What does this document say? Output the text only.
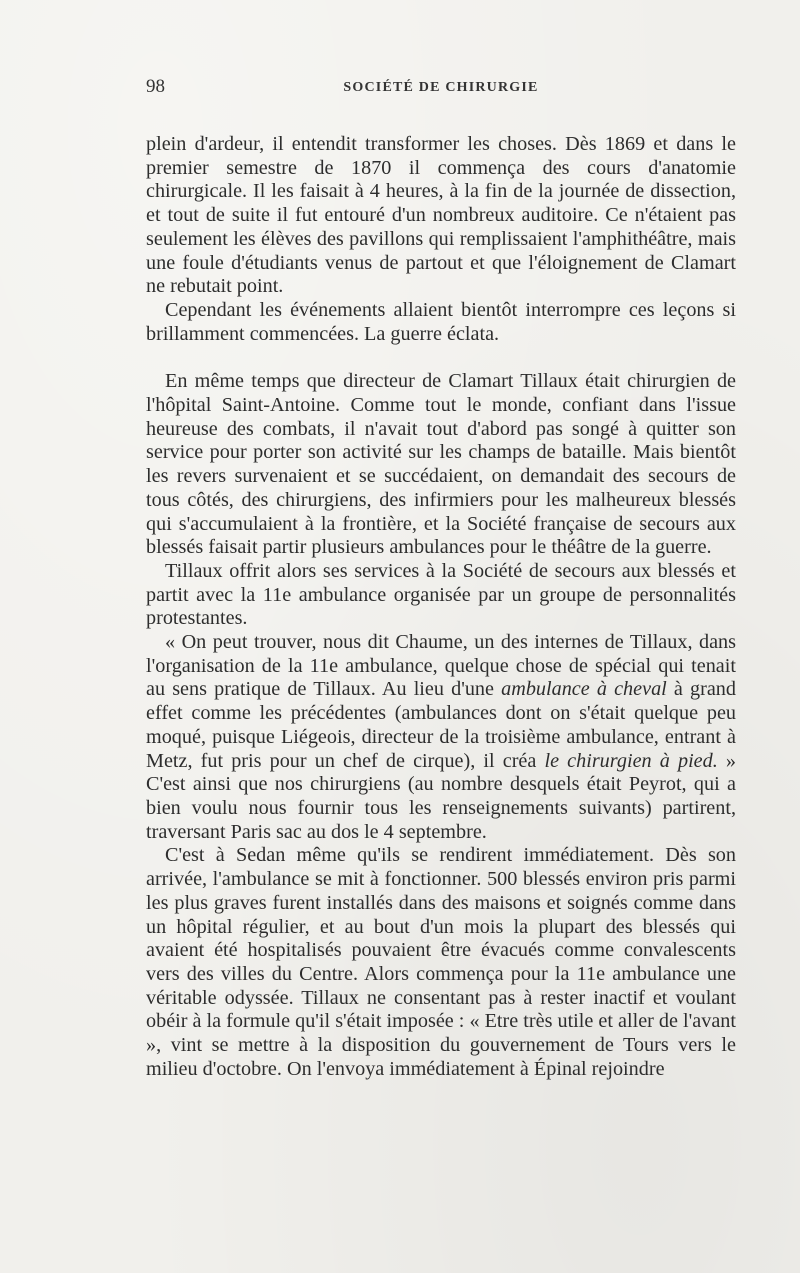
98	SOCIÉTÉ DE CHIRURGIE

plein d'ardeur, il entendit transformer les choses. Dès 1869 et dans le premier semestre de 1870 il commença des cours d'anatomie chirurgicale. Il les faisait à 4 heures, à la fin de la journée de dissection, et tout de suite il fut entouré d'un nombreux auditoire. Ce n'étaient pas seulement les élèves des pavillons qui remplissaient l'amphithéâtre, mais une foule d'étudiants venus de partout et que l'éloignement de Clamart ne rebutait point.

Cependant les événements allaient bientôt interrompre ces leçons si brillamment commencées. La guerre éclata.

En même temps que directeur de Clamart Tillaux était chirurgien de l'hôpital Saint-Antoine. Comme tout le monde, confiant dans l'issue heureuse des combats, il n'avait tout d'abord pas songé à quitter son service pour porter son activité sur les champs de bataille. Mais bientôt les revers survenaient et se succédaient, on demandait des secours de tous côtés, des chirurgiens, des infirmiers pour les malheureux blessés qui s'accumulaient à la frontière, et la Société française de secours aux blessés faisait partir plusieurs ambulances pour le théâtre de la guerre.

Tillaux offrit alors ses services à la Société de secours aux blessés et partit avec la 11e ambulance organisée par un groupe de personnalités protestantes.

« On peut trouver, nous dit Chaume, un des internes de Tillaux, dans l'organisation de la 11e ambulance, quelque chose de spécial qui tenait au sens pratique de Tillaux. Au lieu d'une ambulance à cheval à grand effet comme les précédentes (ambulances dont on s'était quelque peu moqué, puisque Liégeois, directeur de la troisième ambulance, entrant à Metz, fut pris pour un chef de cirque), il créa le chirurgien à pied. » C'est ainsi que nos chirurgiens (au nombre desquels était Peyrot, qui a bien voulu nous fournir tous les renseignements suivants) partirent, traversant Paris sac au dos le 4 septembre.

C'est à Sedan même qu'ils se rendirent immédiatement. Dès son arrivée, l'ambulance se mit à fonctionner. 500 blessés environ pris parmi les plus graves furent installés dans des maisons et soignés comme dans un hôpital régulier, et au bout d'un mois la plupart des blessés qui avaient été hospitalisés pouvaient être évacués comme convalescents vers des villes du Centre. Alors commença pour la 11e ambulance une véritable odyssée. Tillaux ne consentant pas à rester inactif et voulant obéir à la formule qu'il s'était imposée : « Etre très utile et aller de l'avant », vint se mettre à la disposition du gouvernement de Tours vers le milieu d'octobre. On l'envoya immédiatement à Épinal rejoindre
